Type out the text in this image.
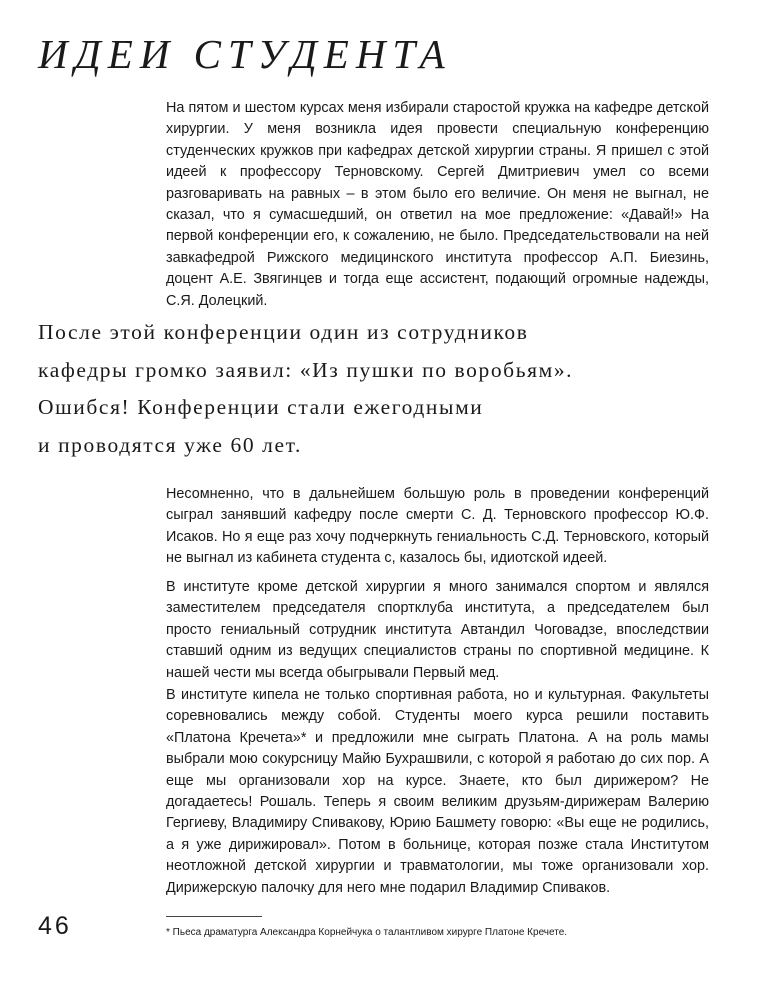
ИДЕИ СТУДЕНТА

На пятом и шестом курсах меня избирали старостой кружка на кафедре детской хирургии. У меня возникла идея провести специальную конференцию студенческих кружков при кафедрах детской хирургии страны. Я пришел с этой идеей к профессору Терновскому. Сергей Дмитриевич умел со всеми разговаривать на равных – в этом было его величие. Он меня не выгнал, не сказал, что я сумасшедший, он ответил на мое предложение: «Давай!» На первой конференции его, к сожалению, не было. Председательствовали на ней завкафедрой Рижского медицинского института профессор А.П. Биезинь, доцент А.Е. Звягинцев и тогда еще ассистент, подающий огромные надежды, С.Я. Долецкий.

После этой конференции один из сотрудников
кафедры громко заявил: «Из пушки по воробьям».
Ошибся! Конференции стали ежегодными
и проводятся уже 60 лет.

Несомненно, что в дальнейшем большую роль в проведении конференций сыграл занявший кафедру после смерти С. Д. Терновского профессор Ю.Ф. Исаков. Но я еще раз хочу подчеркнуть гениальность С.Д. Терновского, который не выгнал из кабинета студента с, казалось бы, идиотской идеей.

В институте кроме детской хирургии я много занимался спортом и являлся заместителем председателя спортклуба института, а председателем был просто гениальный сотрудник института Автандил Чоговадзе, впоследствии ставший одним из ведущих специалистов страны по спортивной медицине. К нашей чести мы всегда обыгрывали Первый мед.

В институте кипела не только спортивная работа, но и культурная. Факультеты соревновались между собой. Студенты моего курса решили поставить «Платона Кречета»* и предложили мне сыграть Платона. А на роль мамы выбрали мою сокурсницу Майю Бухрашвили, с которой я работаю до сих пор. А еще мы организовали хор на курсе. Знаете, кто был дирижером? Не догадаетесь! Рошаль. Теперь я своим великим друзьям-дирижерам Валерию Гергиеву, Владимиру Спивакову, Юрию Башмету говорю: «Вы еще не родились, а я уже дирижировал». Потом в больнице, которая позже стала Институтом неотложной детской хирургии и травматологии, мы тоже организовали хор. Дирижерскую палочку для него мне подарил Владимир Спиваков.

46	* Пьеса драматурга Александра Корнейчука о талантливом хирурге Платоне Кречете.
